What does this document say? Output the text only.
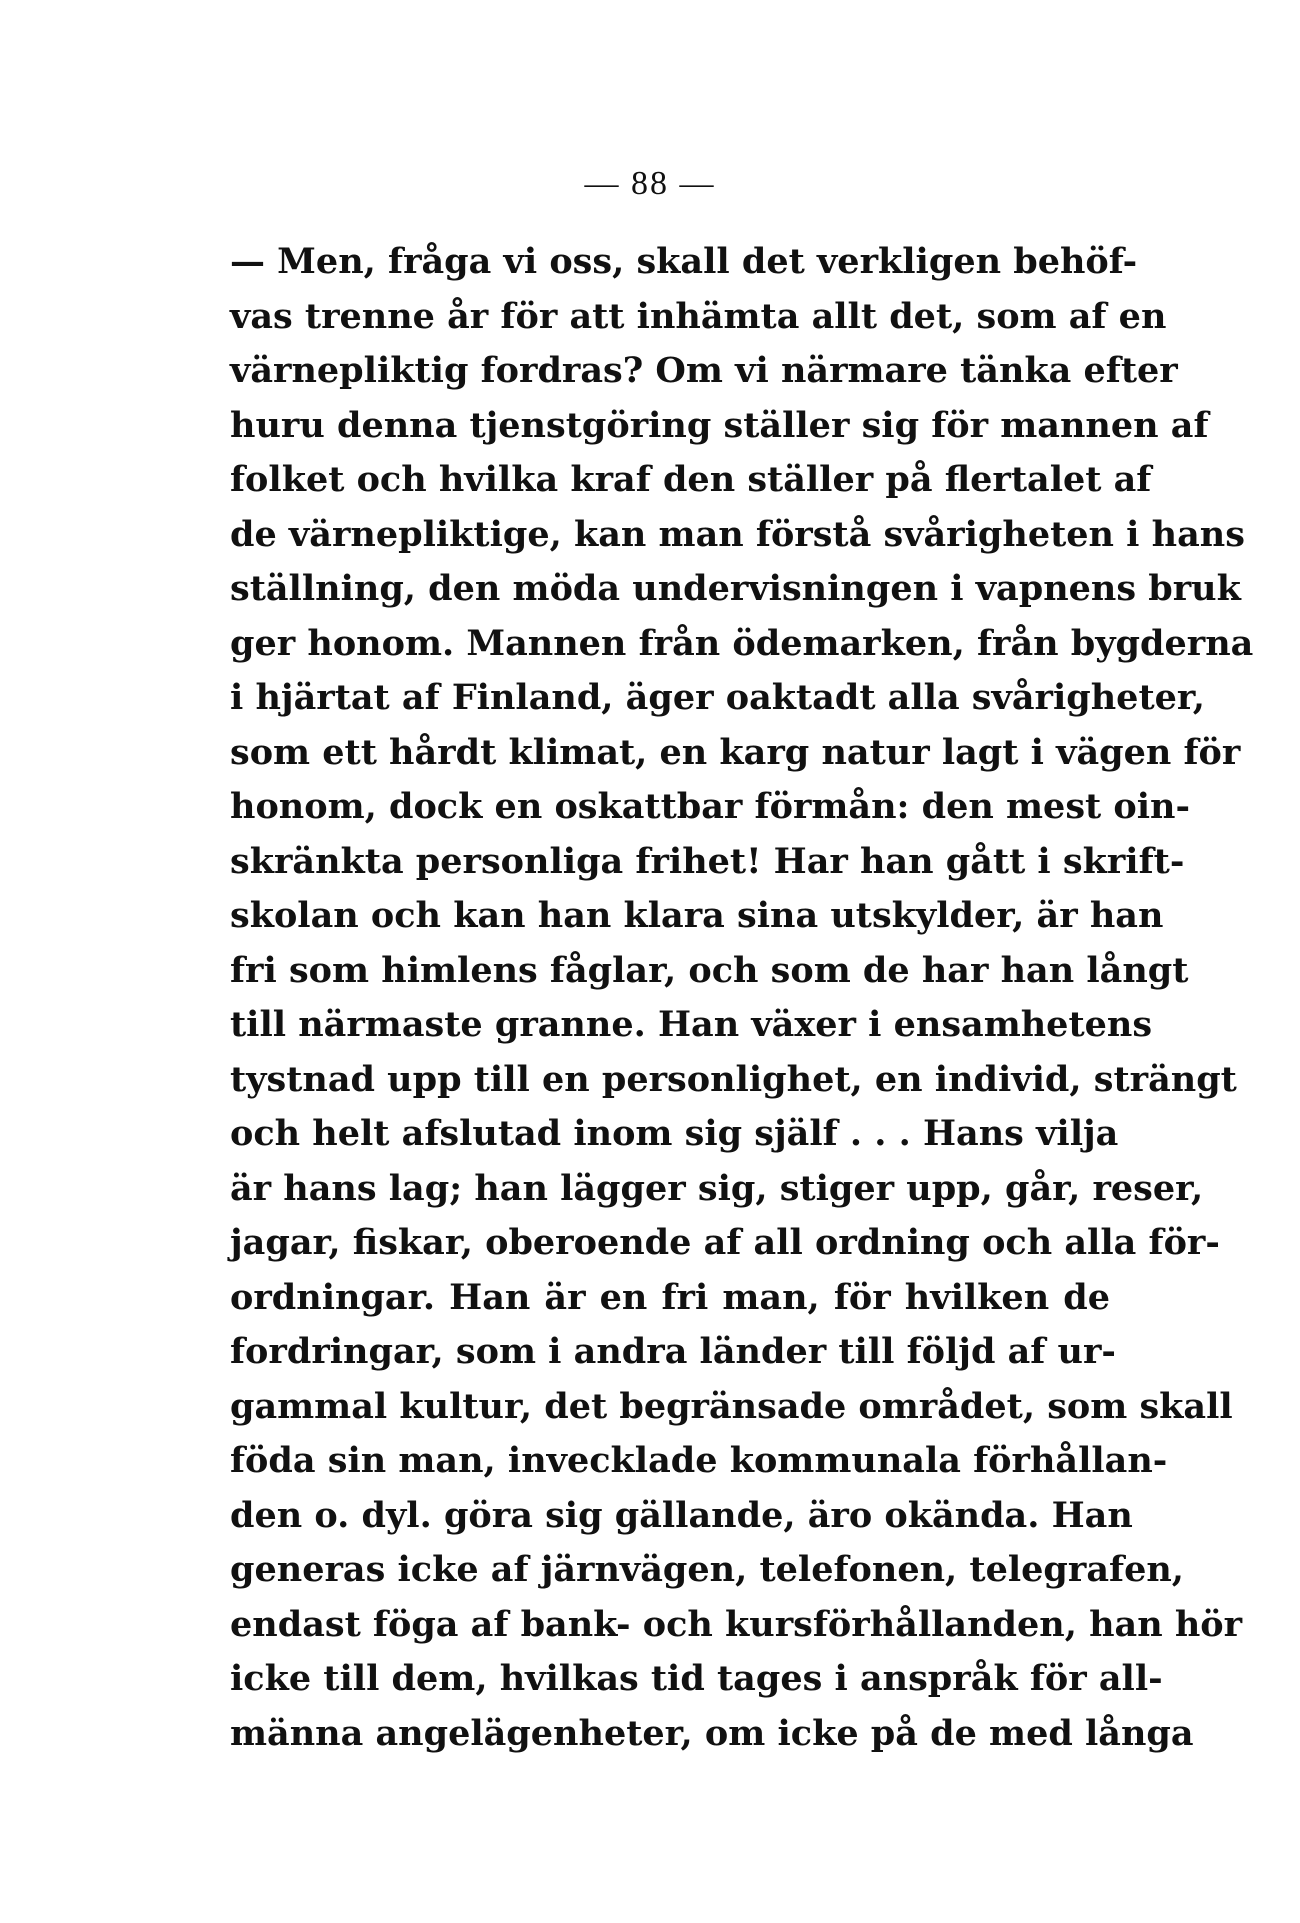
— 88 —
— Men, fråga vi oss, skall det verkligen behöf-
vas trenne år för att inhämta allt det, som af en
värnepliktig fordras? Om vi närmare tänka efter
huru denna tjenstgöring ställer sig för mannen af
folket och hvilka kraf den ställer på flertalet af
de värnepliktige, kan man förstå svårigheten i hans
ställning, den möda undervisningen i vapnens bruk
ger honom. Mannen från ödemarken, från bygderna
i hjärtat af Finland, äger oaktadt alla svårigheter,
som ett hårdt klimat, en karg natur lagt i vägen för
honom, dock en oskattbar förmån: den mest oin-
skränkta personliga frihet! Har han gått i skrift-
skolan och kan han klara sina utskylder, är han
fri som himlens fåglar, och som de har han långt
till närmaste granne. Han växer i ensamhetens
tystnad upp till en personlighet, en individ, strängt
och helt afslutad inom sig själf . . . Hans vilja
är hans lag; han lägger sig, stiger upp, går, reser,
jagar, fiskar, oberoende af all ordning och alla för-
ordningar. Han är en fri man, för hvilken de
fordringar, som i andra länder till följd af ur-
gammal kultur, det begränsade området, som skall
föda sin man, invecklade kommunala förhållan-
den o. dyl. göra sig gällande, äro okända. Han
generas icke af järnvägen, telefonen, telegrafen,
endast föga af bank- och kursförhållanden, han hör
icke till dem, hvilkas tid tages i anspråk för all-
männa angelägenheter, om icke på de med långa
